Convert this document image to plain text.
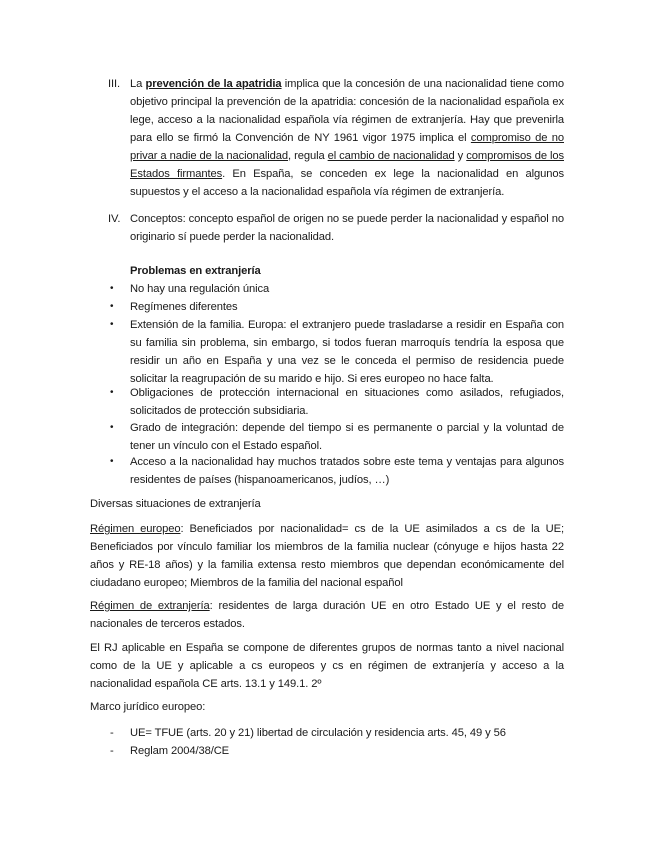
III. La prevención de la apatridia implica que la concesión de una nacionalidad tiene como objetivo principal la prevención de la apatridia: concesión de la nacionalidad española ex lege, acceso a la nacionalidad española vía régimen de extranjería. Hay que prevenirla para ello se firmó la Convención de NY 1961 vigor 1975 implica el compromiso de no privar a nadie de la nacionalidad, regula el cambio de nacionalidad y compromisos de los Estados firmantes. En España, se conceden ex lege la nacionalidad en algunos supuestos y el acceso a la nacionalidad española vía régimen de extranjería.
IV. Conceptos: concepto español de origen no se puede perder la nacionalidad y español no originario sí puede perder la nacionalidad.
Problemas en extranjería
•	No hay una regulación única
•	Regímenes diferentes
•	Extensión de la familia. Europa: el extranjero puede trasladarse a residir en España con su familia sin problema, sin embargo, si todos fueran marroquís tendría la esposa que residir un año en España y una vez se le conceda el permiso de residencia puede solicitar la reagrupación de su marido e hijo. Si eres europeo no hace falta.
•	Obligaciones de protección internacional en situaciones como asilados, refugiados, solicitados de protección subsidiaria.
•	Grado de integración: depende del tiempo si es permanente o parcial y la voluntad de tener un vínculo con el Estado español.
•	Acceso a la nacionalidad hay muchos tratados sobre este tema y ventajas para algunos residentes de países (hispanoamericanos, judíos, …)
Diversas situaciones de extranjería
Régimen europeo: Beneficiados por nacionalidad= cs de la UE asimilados a cs de la UE; Beneficiados por vínculo familiar los miembros de la familia nuclear (cónyuge e hijos hasta 22 años y RE-18 años) y la familia extensa resto miembros que dependan económicamente del ciudadano europeo; Miembros de la familia del nacional español
Régimen de extranjería: residentes de larga duración UE en otro Estado UE y el resto de nacionales de terceros estados.
El RJ aplicable en España se compone de diferentes grupos de normas tanto a nivel nacional como de la UE y aplicable a cs europeos y cs en régimen de extranjería y acceso a la nacionalidad española CE arts. 13.1 y 149.1. 2º
Marco jurídico europeo:
-	UE= TFUE (arts. 20 y 21) libertad de circulación y residencia arts. 45, 49 y 56
-	Reglam 2004/38/CE
